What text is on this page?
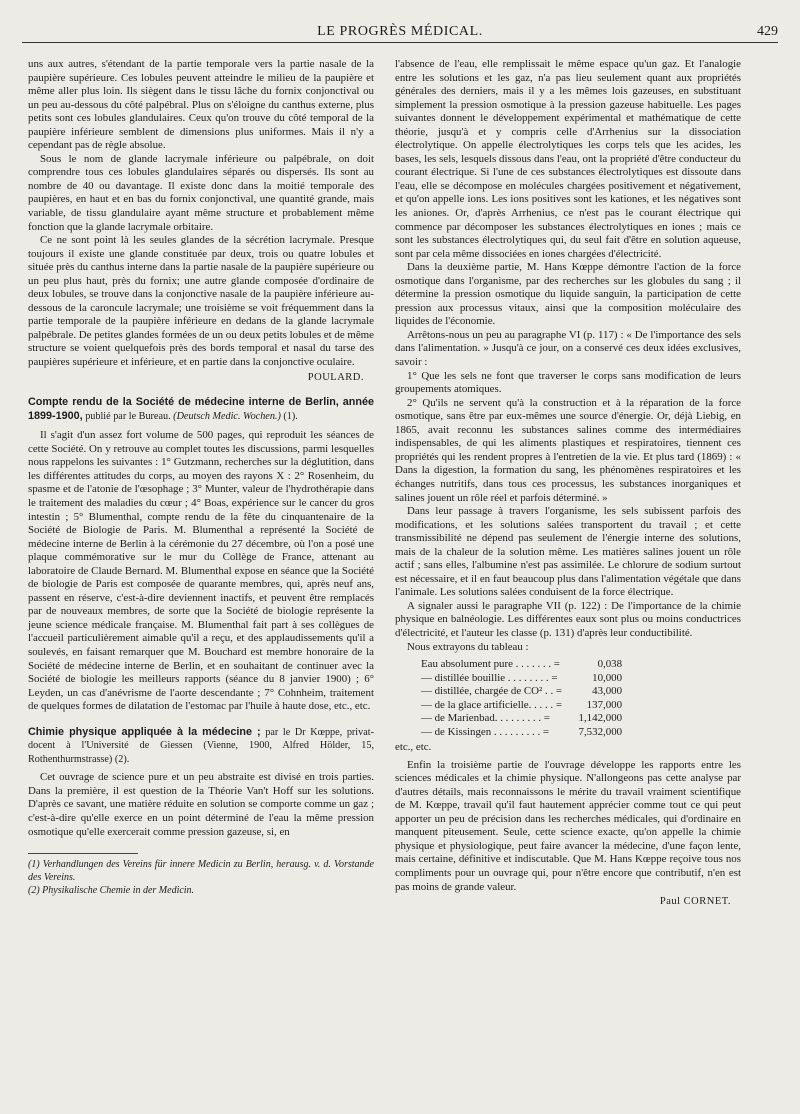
LE PROGRÈS MÉDICAL.	429

uns aux autres, s'étendant de la partie temporale vers la partie nasale de la paupière supérieure. Ces lobules peuvent atteindre le milieu de la paupière et même aller plus loin. Ils siègent dans le tissu lâche du fornix conjonctival ou un peu au-dessous du côté palpébral. Plus on s'éloigne du canthus externe, plus petits sont ces lobules glandulaires. Ceux qu'on trouve du côté temporal de la paupière inférieure semblent de dimensions plus uniformes. Mais il n'y a cependant pas de règle absolue.

Sous le nom de glande lacrymale inférieure ou palpébrale, on doit comprendre tous ces lobules glandulaires séparés ou dispersés. Ils sont au nombre de 40 ou davantage. Il existe donc dans la moitié temporale des paupières, en haut et en bas du fornix conjonctival, une quantité grande, mais variable, de tissu glandulaire ayant même structure et probablement même fonction que la glande lacrymale orbitaire.

Ce ne sont point là les seules glandes de la sécrétion lacrymale. Presque toujours il existe une glande constituée par deux, trois ou quatre lobules et située près du canthus interne dans la partie nasale de la paupière supérieure ou un peu plus haut, près du fornix; une autre glande composée d'ordinaire de deux lobules, se trouve dans la conjonctive nasale de la paupière inférieure au-dessous de la caroncule lacrymale; une troisième se voit fréquemment dans la partie temporale de la paupière inférieure en dedans de la glande lacrymale palpébrale. De petites glandes formées de un ou deux petits lobules et de même structure se voient quelquefois près des bords temporal et nasal du tarse des paupières supérieure et inférieure, et en partie dans la conjonctive oculaire.

POULARD.

Compte rendu de la Société de médecine interne de Berlin, année 1899-1900, publié par le Bureau. (Deutsch Medic. Wochen.) (1).

Il s'agit d'un assez fort volume de 500 pages, qui reproduit les séances de cette Société. On y retrouve au complet toutes les discussions, parmi lesquelles nous rappelons les suivantes : 1° Gutzmann, recherches sur la déglutition, dans les différentes attitudes du corps, au moyen des rayons X : 2° Rosenheim, du spasme et de l'atonie de l'œsophage ; 3° Munter, valeur de l'hydrothérapie dans le traitement des maladies du cœur ; 4° Boas, expérience sur le cancer du gros intestin ; 5° Blumenthal, compte rendu de la fête du cinquantenaire de la Société de Biologie de Paris. M. Blumenthal a représenté la Société de médecine interne de Berlin à la cérémonie du 27 décembre, où l'on a posé une plaque commémorative sur le mur du Collège de France, attenant au laboratoire de Claude Bernard. M. Blumenthal expose en séance que la Société de biologie de Paris est composée de quarante membres, qui, après neuf ans, passent en réserve, c'est-à-dire deviennent inactifs, et peuvent être remplacés par de nouveaux membres, de sorte que la Société de biologie représente la jeune science médicale française. M. Blumenthal fait part à ses collègues de l'accueil particulièrement aimable qu'il a reçu, et des applaudissements qu'il a soulevés, en faisant remarquer que M. Bouchard est membre honoraire de la Société de médecine interne de Berlin, et en souhaitant de continuer avec la Société de biologie les meilleurs rapports (séance du 8 janvier 1900) ; 6° Leyden, un cas d'anévrisme de l'aorte descendante ; 7° Cohnheim, traitement de quelques formes de dilatation de l'estomac par l'huile à haute dose, etc., etc.

Chimie physique appliquée à la médecine ; par le Dr Kœppe, privat-docent à l'Université de Giessen (Vienne, 1900, Alfred Hölder, 15, Rothenthurmstrasse) (2).

Cet ouvrage de science pure et un peu abstraite est divisé en trois parties. Dans la première, il est question de la Théorie Van't Hoff sur les solutions. D'après ce savant, une matière réduite en solution se comporte comme un gaz ; c'est-à-dire qu'elle exerce en un point déterminé de l'eau la même pression osmotique qu'elle exercerait comme pression gazeuse, si, en

(1) Verhandlungen des Vereins für innere Medicin zu Berlin, herausg. v. d. Vorstande des Vereins.

(2) Physikalische Chemie in der Medicin.

l'absence de l'eau, elle remplissait le même espace qu'un gaz. Et l'analogie entre les solutions et les gaz, n'a pas lieu seulement quant aux propriétés générales des derniers, mais il y a les mêmes lois gazeuses, en substituant simplement la pression osmotique à la pression gazeuse habituelle. Les pages suivantes donnent le développement expérimental et mathématique de cette théorie, jusqu'à et y compris celle d'Arrhenius sur la dissociation électrolytique. On appelle électrolytiques les corps tels que les acides, les bases, les sels, lesquels dissous dans l'eau, ont la propriété d'être conducteur du courant électrique. Si l'une de ces substances électrolytiques est dissoute dans l'eau, elle se décompose en molécules chargées positivement et négativement, et qu'on appelle ions. Les ions positives sont les kationes, et les négatives sont les aniones. Or, d'après Arrhenius, ce n'est pas le courant électrique qui commence par décomposer les substances électrolytiques en iones ; mais ce sont les substances électrolytiques qui, du seul fait d'être en solution aqueuse, sont par cela même dissociées en iones chargées d'électricité.

Dans la deuxième partie, M. Hans Kœppe démontre l'action de la force osmotique dans l'organisme, par des recherches sur les globules du sang ; il détermine la pression osmotique du liquide sanguin, la participation de cette pression aux processus vitaux, ainsi que la composition moléculaire des liquides de l'économie.

Arrêtons-nous un peu au paragraphe VI (p. 117) : « De l'importance des sels dans l'alimentation. » Jusqu'à ce jour, on a conservé ces deux idées exclusives, savoir :

1° Que les sels ne font que traverser le corps sans modification de leurs groupements atomiques.

2° Qu'ils ne servent qu'à la construction et à la réparation de la force osmotique, sans être par eux-mêmes une source d'énergie. Or, déjà Liebig, en 1865, avait reconnu les substances salines comme des intermédiaires indispensables, de qui les aliments plastiques et respiratoires, tiennent ces propriétés qui les rendent propres à l'entretien de la vie. Et plus tard (1869) : « Dans la digestion, la formation du sang, les phénomènes respiratoires et les échanges nutritifs, dans tous ces processus, les substances inorganiques et salines jouent un rôle réel et parfois déterminé. »

Dans leur passage à travers l'organisme, les sels subissent parfois des modifications, et les solutions salées transportent du travail ; et cette transmissibilité ne dépend pas seulement de l'énergie interne des solutions, mais de la chaleur de la solution même. Les matières salines jouent un rôle actif ; sans elles, l'albumine n'est pas assimilée. Le chlorure de sodium surtout est nécessaire, et il en faut beaucoup plus dans l'alimentation végétale que dans l'animale. Les solutions salées conduisent de la force électrique.

A signaler aussi le paragraphe VII (p. 122) : De l'importance de la chimie physique en balnéologie. Les différentes eaux sont plus ou moins conductrices d'électricité, et l'auteur les classe (p. 131) d'après leur conductibilité.

Nous extrayons du tableau :

Eau absolument pure . . . . . . . =	0,038
— distillée bouillie . . . . . . . . =	10,000
— distillée, chargée de CO² . . =	43,000
— de la glace artificielle. . . . . =	137,000
— de Marienbad. . . . . . . . . =	1,142,000
— de Kissingen . . . . . . . . . =	7,532,000

etc., etc.

Enfin la troisième partie de l'ouvrage développe les rapports entre les sciences médicales et la chimie physique. N'allongeons pas cette analyse par d'autres détails, mais reconnaissons le mérite du travail vraiment scientifique de M. Kœppe, travail qu'il faut hautement apprécier comme tout ce qui peut apporter un peu de précision dans les recherches médicales, qui d'ordinaire en manquent piteusement. Seule, cette science exacte, qu'on appelle la chimie physique et physiologique, peut faire avancer la médecine, d'une façon lente, mais certaine, définitive et indiscutable. Que M. Hans Kœppe reçoive tous nos compliments pour un ouvrage qui, pour n'être encore que contributif, n'en est pas moins de grande valeur.

Paul CORNET.
